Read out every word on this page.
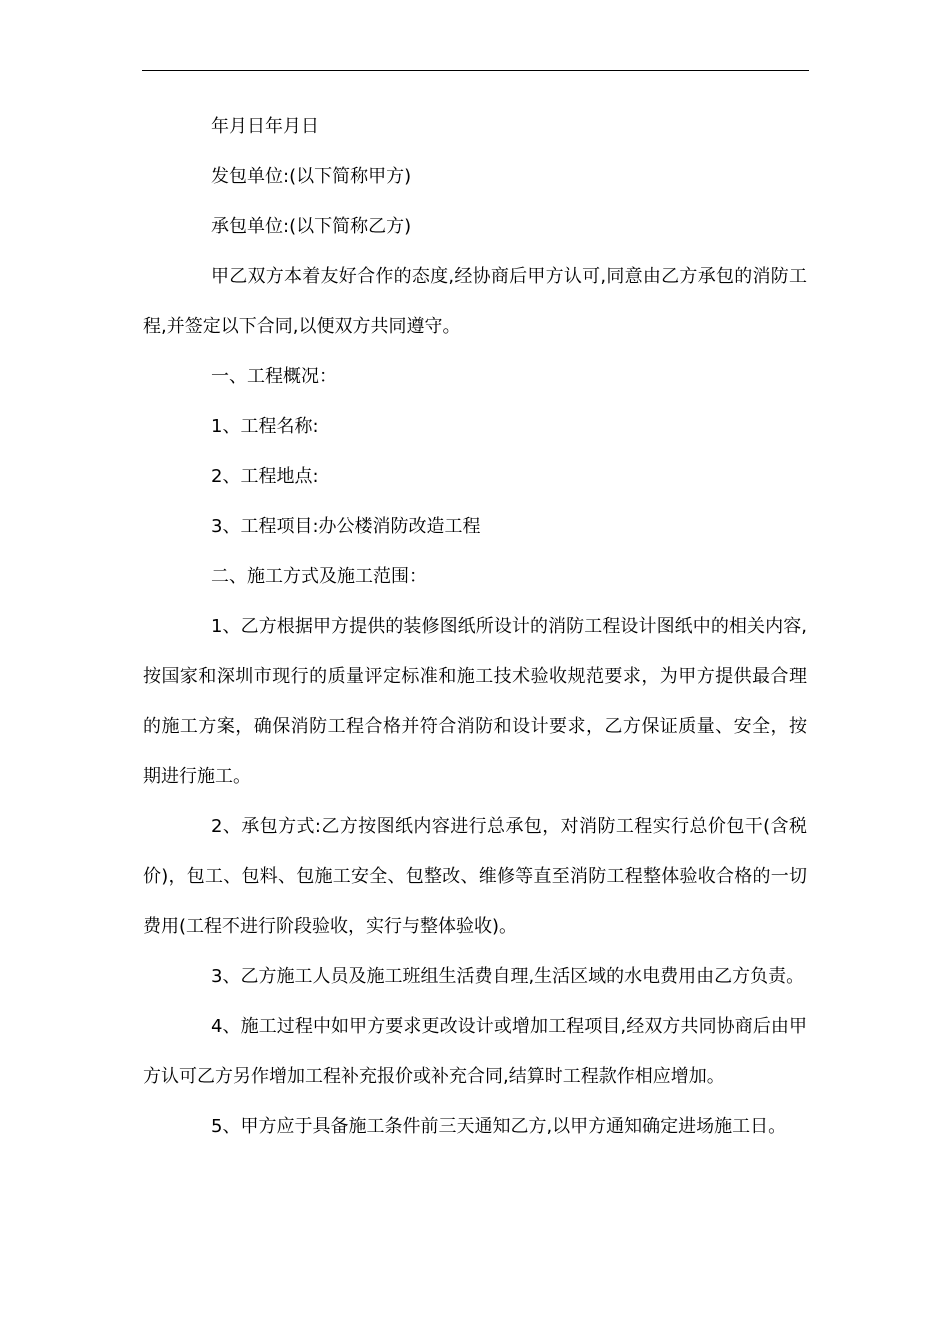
年月日年月日

发包单位:(以下简称甲方)

承包单位:(以下简称乙方)

甲乙双方本着友好合作的态度,经协商后甲方认可,同意由乙方承包的消防工程,并签定以下合同,以便双方共同遵守。

一、工程概况：

1、工程名称:

2、工程地点:

3、工程项目:办公楼消防改造工程

二、施工方式及施工范围：

1、乙方根据甲方提供的装修图纸所设计的消防工程设计图纸中的相关内容,按国家和深圳市现行的质量评定标准和施工技术验收规范要求，为甲方提供最合理的施工方案，确保消防工程合格并符合消防和设计要求，乙方保证质量、安全，按期进行施工。

2、承包方式:乙方按图纸内容进行总承包，对消防工程实行总价包干(含税价)，包工、包料、包施工安全、包整改、维修等直至消防工程整体验收合格的一切费用(工程不进行阶段验收，实行与整体验收)。

3、乙方施工人员及施工班组生活费自理,生活区域的水电费用由乙方负责。

4、施工过程中如甲方要求更改设计或增加工程项目,经双方共同协商后由甲方认可乙方另作增加工程补充报价或补充合同,结算时工程款作相应增加。

5、甲方应于具备施工条件前三天通知乙方,以甲方通知确定进场施工日。
